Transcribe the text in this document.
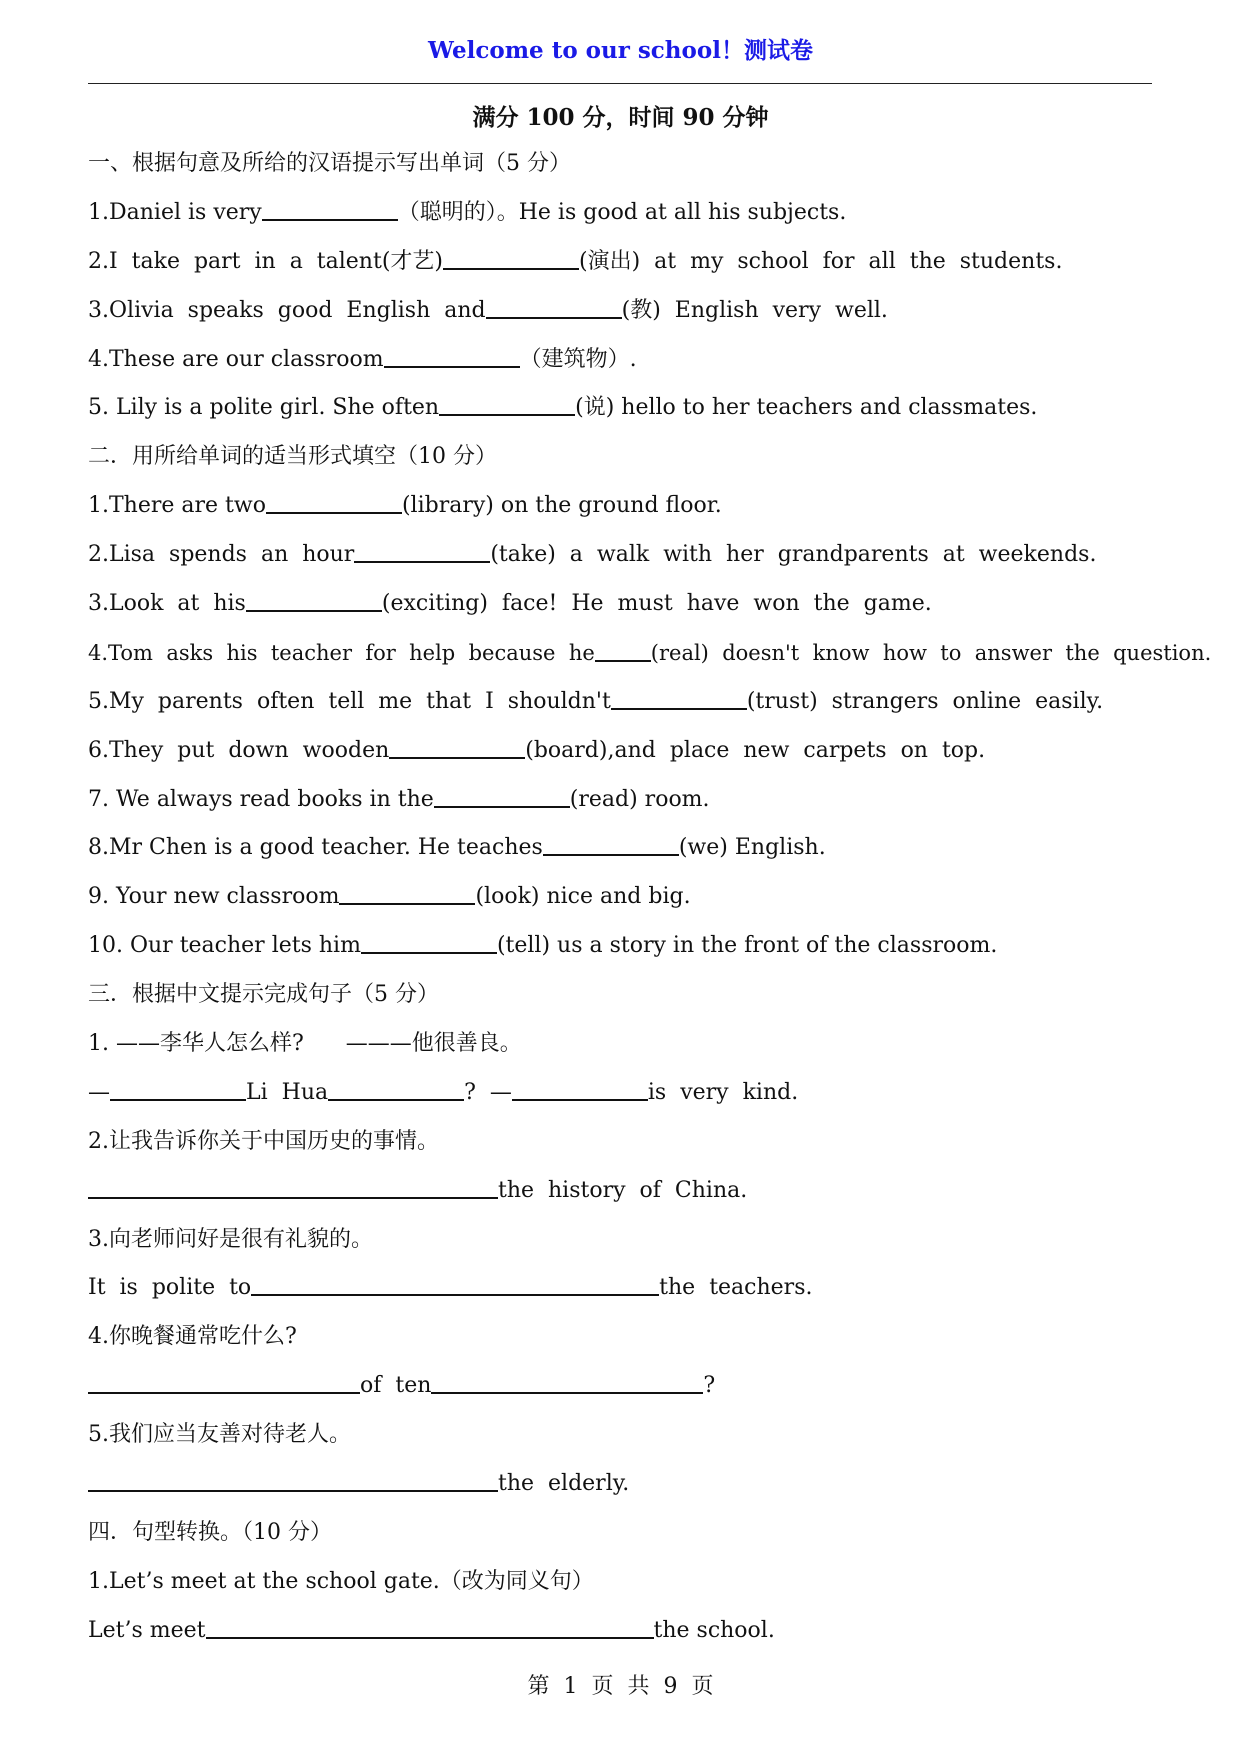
Welcome to our school！测试卷
满分 100 分，时间 90 分钟
一、根据句意及所给的汉语提示写出单词（5 分）
1.Daniel is very	（聪明的）。He is good at all his subjects.
2.I  take  part  in  a  talent(才艺)	(演出)  at  my  school  for  all  the  students.
3.Olivia  speaks  good  English  and	(教)  English  very  well.
4.These are our classroom	（建筑物）.
5. Lily is a polite girl. She often	(说) hello to her teachers and classmates.
二．用所给单词的适当形式填空（10 分）
1.There are two	(library) on the ground floor.
2.Lisa  spends  an  hour	(take)  a  walk  with  her  grandparents  at  weekends.
3.Look  at  his	(exciting)  face!  He  must  have  won  the  game.
4.Tom  asks  his  teacher  for  help  because  he	(real)  doesn't  know  how  to  answer  the  question.
5.My  parents  often  tell  me  that  I  shouldn't	(trust)  strangers  online  easily.
6.They  put  down  wooden	(board),and  place  new  carpets  on  top.
7. We always read books in the	(read) room.
8.Mr Chen is a good teacher. He teaches	(we) English.
9. Your new classroom	(look) nice and big.
10. Our teacher lets him	(tell) us a story in the front of the classroom.
三．根据中文提示完成句子（5 分）
1. ——李华人怎么样?      ———他很善良。
—	Li  Hua	?  —	is  very  kind.
2.让我告诉你关于中国历史的事情。
the  history  of  China.
3.向老师问好是很有礼貌的。
It  is  polite  to	the  teachers.
4.你晚餐通常吃什么?
of  ten	?
5.我们应当友善对待老人。
the  elderly.
四．句型转换。（10 分）
1.Let’s meet at the school gate.（改为同义句）
Let’s meet	the school.
第  1  页  共  9  页
